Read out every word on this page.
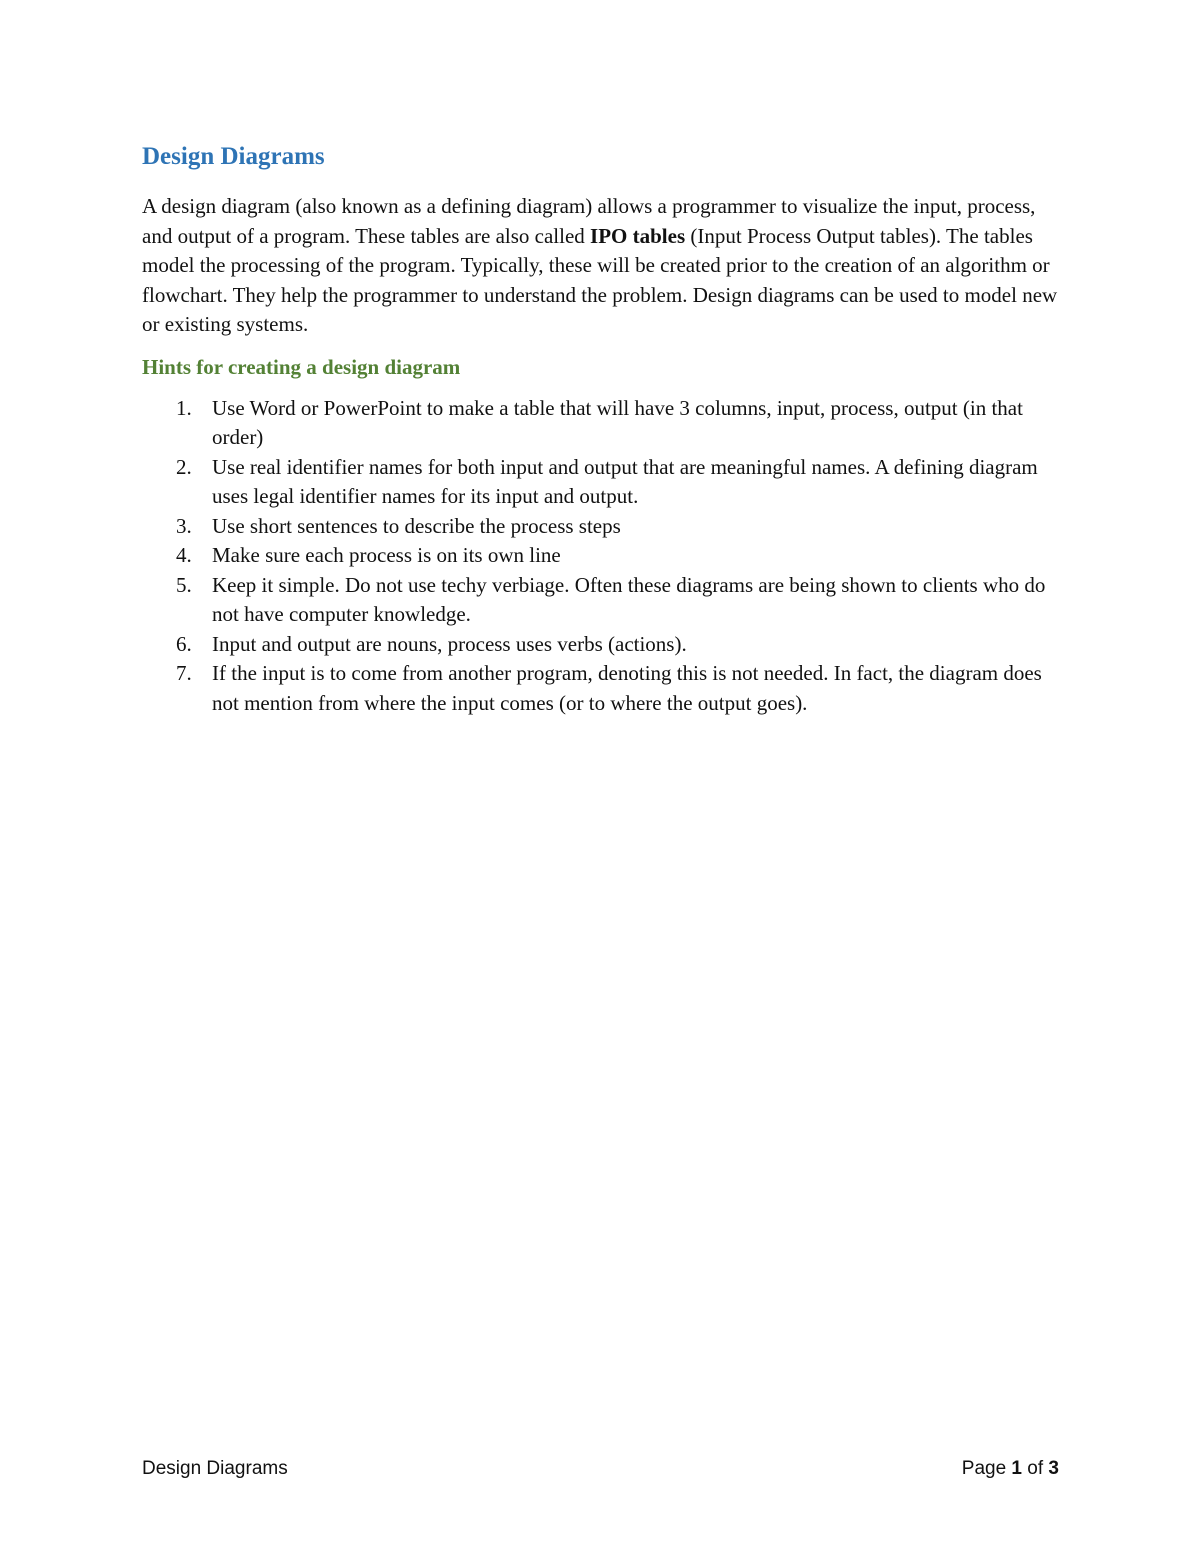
Design Diagrams

A design diagram (also known as a defining diagram) allows a programmer to visualize the input, process, and output of a program. These tables are also called IPO tables (Input Process Output tables). The tables model the processing of the program. Typically, these will be created prior to the creation of an algorithm or flowchart. They help the programmer to understand the problem. Design diagrams can be used to model new or existing systems.

Hints for creating a design diagram
1. Use Word or PowerPoint to make a table that will have 3 columns, input, process, output (in that order)
2. Use real identifier names for both input and output that are meaningful names. A defining diagram uses legal identifier names for its input and output.
3. Use short sentences to describe the process steps
4. Make sure each process is on its own line
5. Keep it simple. Do not use techy verbiage. Often these diagrams are being shown to clients who do not have computer knowledge.
6. Input and output are nouns, process uses verbs (actions).
7. If the input is to come from another program, denoting this is not needed. In fact, the diagram does not mention from where the input comes (or to where the output goes).
Design Diagrams	Page 1 of 3
